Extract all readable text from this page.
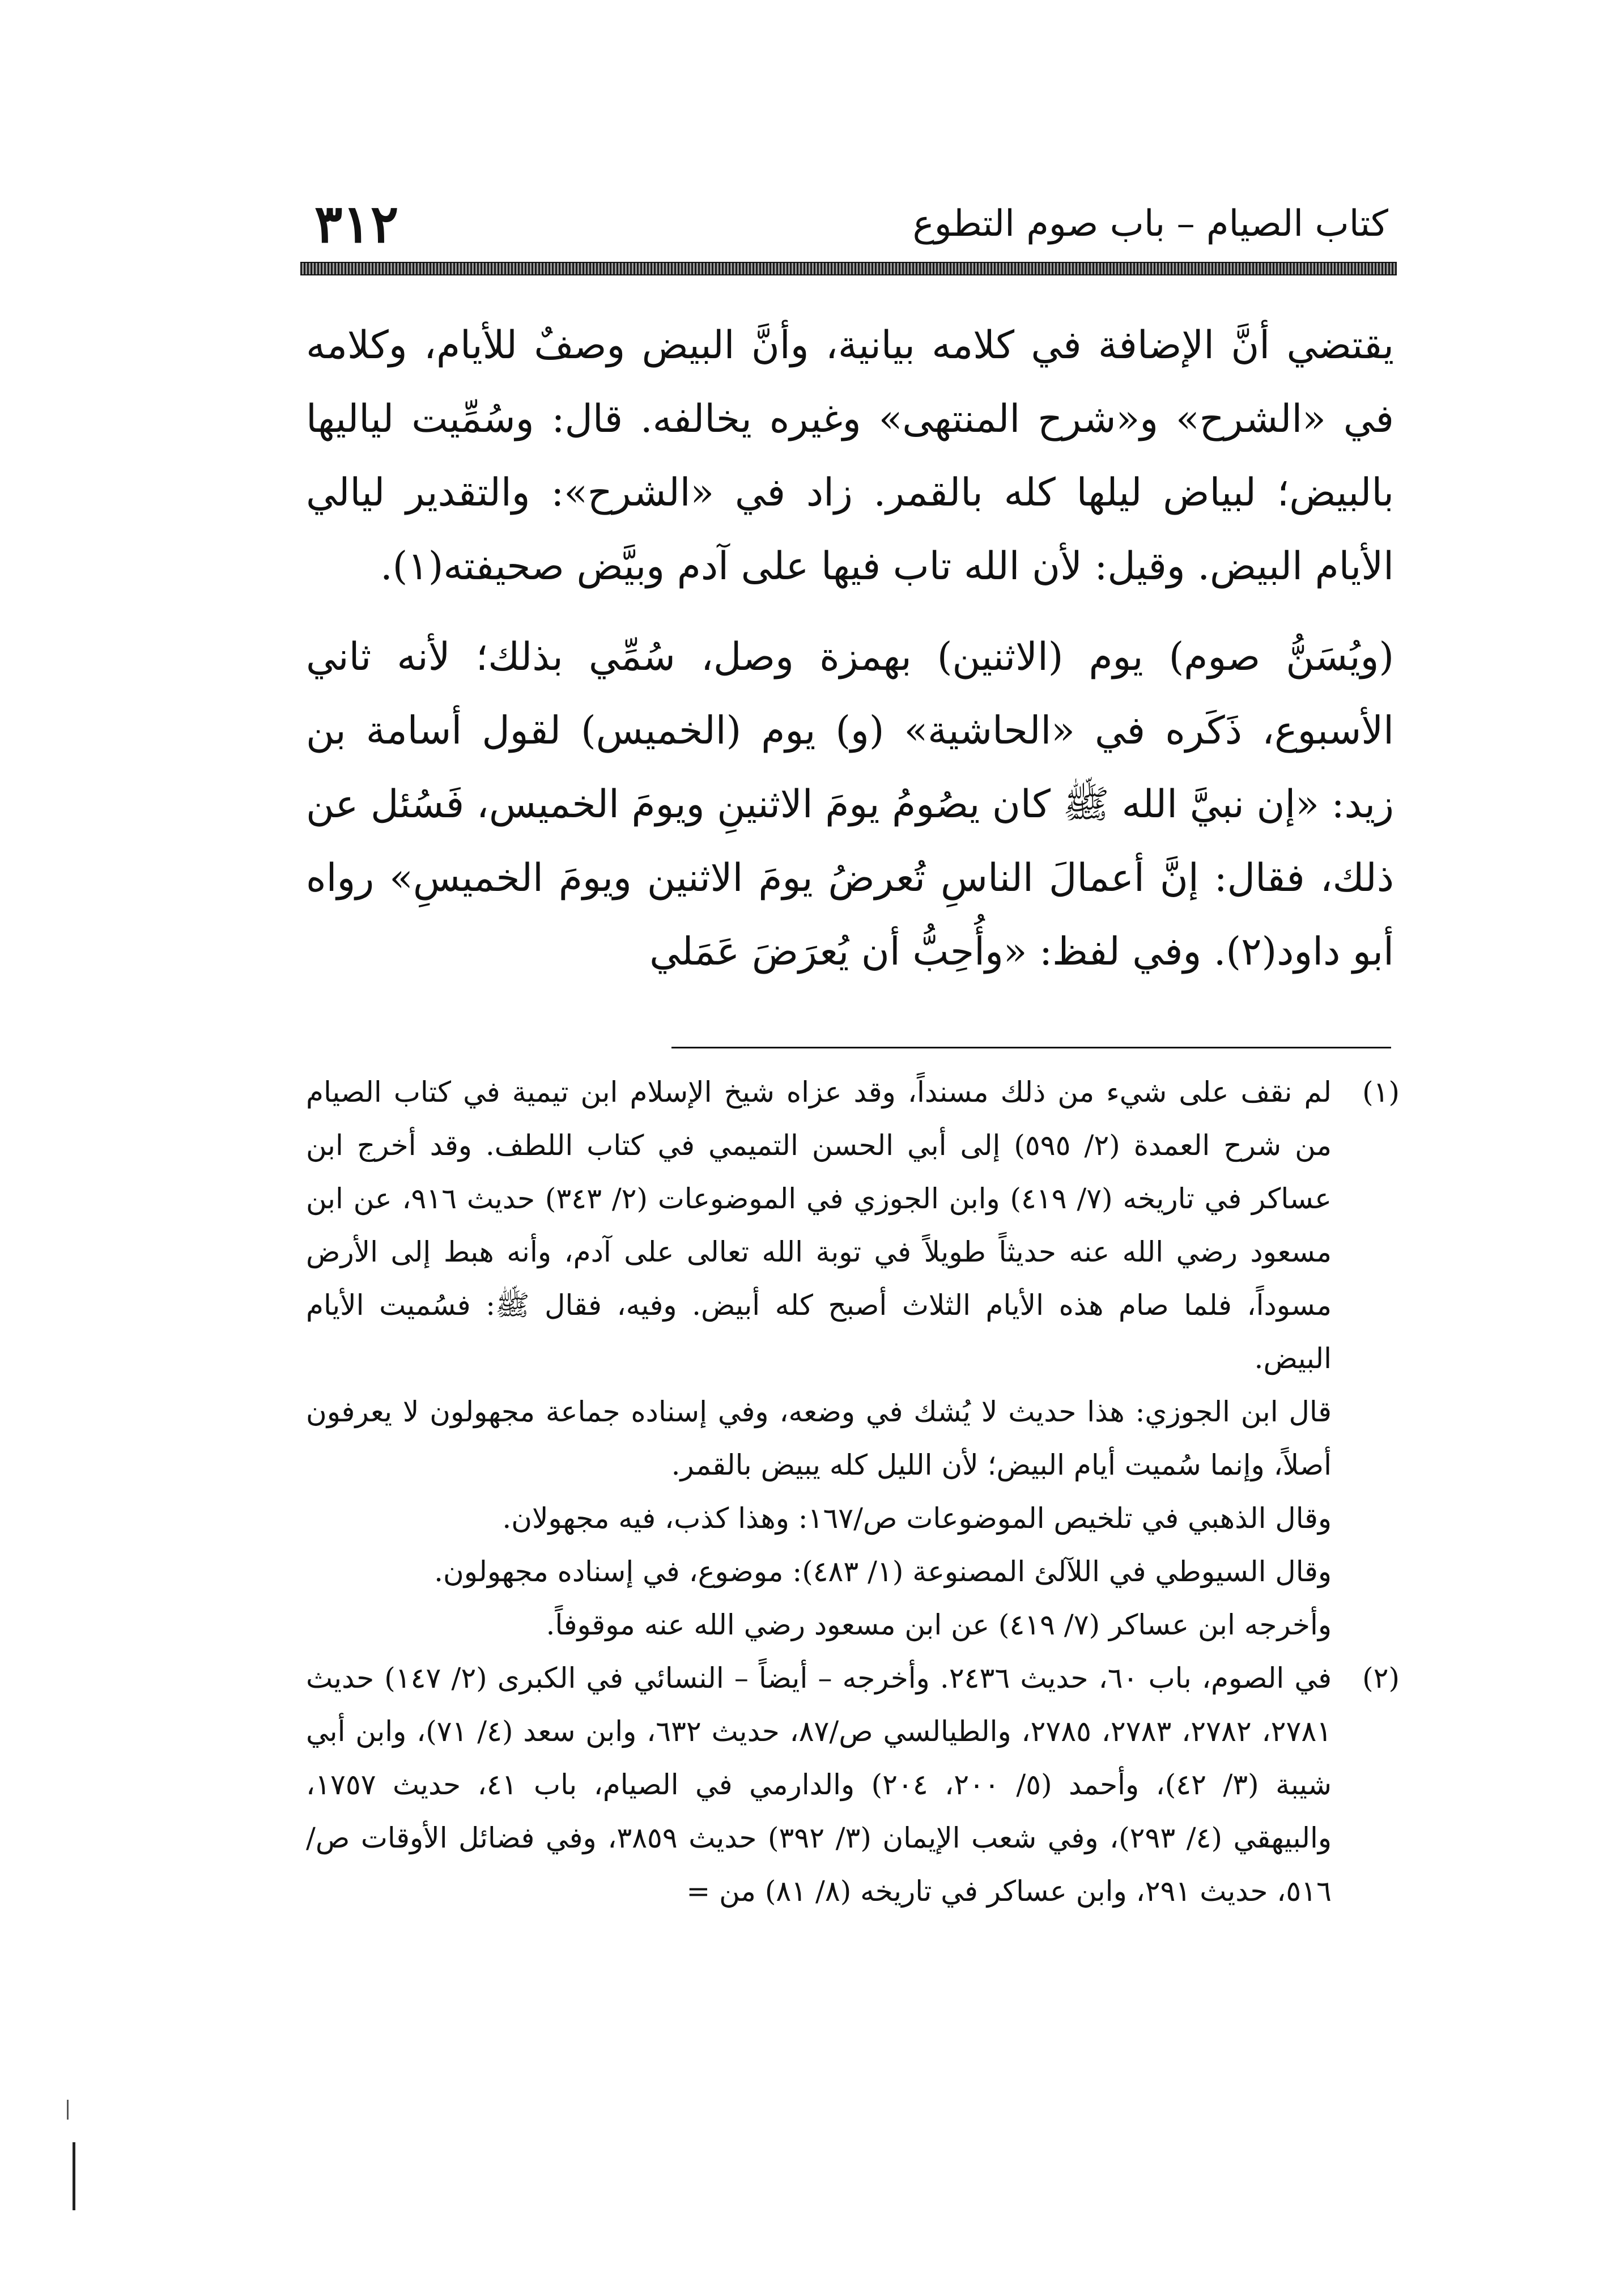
٣١٢	كتاب الصيام – باب صوم التطوع

يقتضي أنَّ الإضافة في كلامه بيانية، وأنَّ البيض وصفٌ للأيام، وكلامه في «الشرح» و«شرح المنتهى» وغيره يخالفه. قال: وسُمِّيت لياليها بالبيض؛ لبياض ليلها كله بالقمر. زاد في «الشرح»: والتقدير ليالي الأيام البيض. وقيل: لأن الله تاب فيها على آدم وبيَّض صحيفته(١).

(ويُسَنُّ صوم) يوم (الاثنين) بهمزة وصل، سُمِّي بذلك؛ لأنه ثاني الأسبوع، ذَكَره في «الحاشية» (و) يوم (الخميس) لقول أسامة بن زيد: «إن نبيَّ الله ﷺ كان يصُومُ يومَ الاثنينِ ويومَ الخميس، فَسُئل عن ذلك، فقال: إنَّ أعمالَ الناسِ تُعرضُ يومَ الاثنين ويومَ الخميسِ» رواه أبو داود(٢). وفي لفظ: «وأُحِبُّ أن يُعرَضَ عَمَلي

(١)

لم نقف على شيء من ذلك مسنداً، وقد عزاه شيخ الإسلام ابن تيمية في كتاب الصيام من شرح العمدة (٢/ ٥٩٥) إلى أبي الحسن التميمي في كتاب اللطف. وقد أخرج ابن عساكر في تاريخه (٧/ ٤١٩) وابن الجوزي في الموضوعات (٢/ ٣٤٣) حديث ٩١٦، عن ابن مسعود رضي الله عنه حديثاً طويلاً في توبة الله تعالى على آدم، وأنه هبط إلى الأرض مسوداً، فلما صام هذه الأيام الثلاث أصبح كله أبيض. وفيه، فقال ﷺ: فسُميت الأيام البيض.

قال ابن الجوزي: هذا حديث لا يُشك في وضعه، وفي إسناده جماعة مجهولون لا يعرفون أصلاً، وإنما سُميت أيام البيض؛ لأن الليل كله يبيض بالقمر.

وقال الذهبي في تلخيص الموضوعات ص/١٦٧: وهذا كذب، فيه مجهولان.

وقال السيوطي في اللآلئ المصنوعة (١/ ٤٨٣): موضوع، في إسناده مجهولون.

وأخرجه ابن عساكر (٧/ ٤١٩) عن ابن مسعود رضي الله عنه موقوفاً.

(٢)

في الصوم، باب ٦٠، حديث ٢٤٣٦. وأخرجه – أيضاً – النسائي في الكبرى (٢/ ١٤٧) حديث ٢٧٨١، ٢٧٨٢، ٢٧٨٣، ٢٧٨٥، والطيالسي ص/٨٧، حديث ٦٣٢، وابن سعد (٤/ ٧١)، وابن أبي شيبة (٣/ ٤٢)، وأحمد (٥/ ٢٠٠، ٢٠٤) والدارمي في الصيام، باب ٤١، حديث ١٧٥٧، والبيهقي (٤/ ٢٩٣)، وفي شعب الإيمان (٣/ ٣٩٢) حديث ٣٨٥٩، وفي فضائل الأوقات ص/٥١٦، حديث ٢٩١، وابن عساكر في تاريخه (٨/ ٨١) من =
